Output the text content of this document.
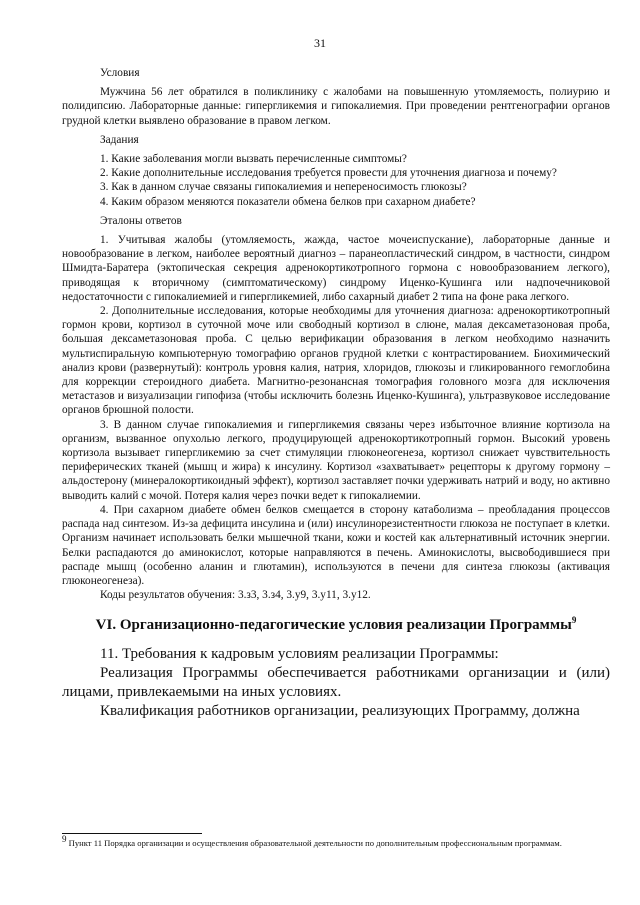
31

Условия

Мужчина 56 лет обратился в поликлинику с жалобами на повышенную утомляемость, полиурию и полидипсию. Лабораторные данные: гипергликемия и гипокалиемия. При проведении рентгенографии органов грудной клетки выявлено образование в правом легком.

Задания

1. Какие заболевания могли вызвать перечисленные симптомы?

2. Какие дополнительные исследования требуется провести для уточнения диагноза и почему?

3. Как в данном случае связаны гипокалиемия и непереносимость глюкозы?

4. Каким образом меняются показатели обмена белков при сахарном диабете?

Эталоны ответов

1. Учитывая жалобы (утомляемость, жажда, частое мочеиспускание), лабораторные данные и новообразование в легком, наиболее вероятный диагноз – паранеопластический синдром, в частности, синдром Шмидта-Баратера (эктопическая секреция адренокортикотропного гормона с новообразованием легкого), приводящая к вторичному (симптоматическому) синдрому Иценко-Кушинга или надпочечниковой недостаточности с гипокалиемией и гипергликемией, либо сахарный диабет 2 типа на фоне рака легкого.

2. Дополнительные исследования, которые необходимы для уточнения диагноза: адренокортикотропный гормон крови, кортизол в суточной моче или свободный кортизол в слюне, малая дексаметазоновая проба, большая дексаметазоновая проба. С целью верификации образования в легком необходимо назначить мультиспиральную компьютерную томографию органов грудной клетки с контрастированием. Биохимический анализ крови (развернутый): контроль уровня калия, натрия, хлоридов, глюкозы и гликированного гемоглобина для коррекции стероидного диабета. Магнитно-резонансная томография головного мозга для исключения метастазов и визуализации гипофиза (чтобы исключить болезнь Иценко-Кушинга), ультразвуковое исследование органов брюшной полости.

3. В данном случае гипокалиемия и гипергликемия связаны через избыточное влияние кортизола на организм, вызванное опухолью легкого, продуцирующей адренокортикотропный гормон. Высокий уровень кортизола вызывает гипергликемию за счет стимуляции глюконеогенеза, кортизол снижает чувствительность периферических тканей (мышц и жира) к инсулину. Кортизол «захватывает» рецепторы к другому гормону – альдостерону (минералокортикоидный эффект), кортизол заставляет почки удерживать натрий и воду, но активно выводить калий с мочой. Потеря калия через почки ведет к гипокалиемии.

4. При сахарном диабете обмен белков смещается в сторону катаболизма – преобладания процессов распада над синтезом. Из-за дефицита инсулина и (или) инсулинорезистентности глюкоза не поступает в клетки. Организм начинает использовать белки мышечной ткани, кожи и костей как альтернативный источник энергии. Белки распадаются до аминокислот, которые направляются в печень. Аминокислоты, высвободившиеся при распаде мышц (особенно аланин и глютамин), используются в печени для синтеза глюкозы (активация глюконеогенеза).

Коды результатов обучения: 3.з3, 3.з4, 3.у9, 3.у11, 3.у12.

VI. Организационно-педагогические условия реализации Программы$^9$

11. Требования к кадровым условиям реализации Программы:

Реализация Программы обеспечивается работниками организации и (или) лицами, привлекаемыми на иных условиях.

Квалификация работников организации, реализующих Программу, должна

$^9$ Пункт 11 Порядка организации и осуществления образовательной деятельности по дополнительным профессиональным программам.
